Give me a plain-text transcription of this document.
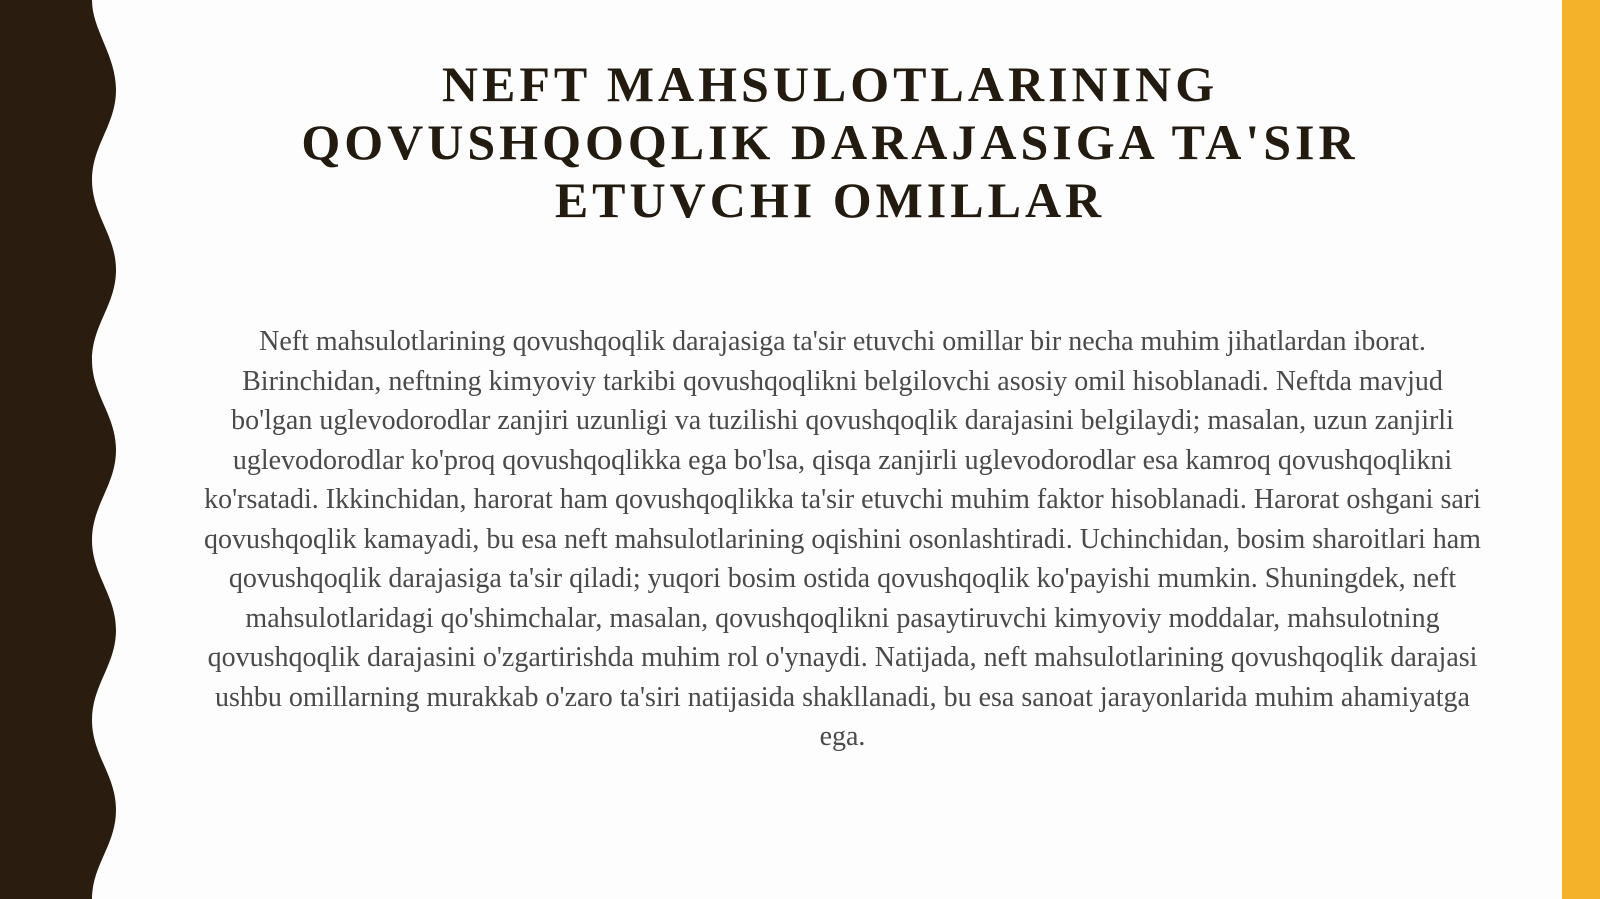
NEFT MAHSULOTLARINING QOVUSHQOQLIK DARAJASIGA TA'SIR ETUVCHI OMILLAR

Neft mahsulotlarining qovushqoqlik darajasiga ta'sir etuvchi omillar bir necha muhim jihatlardan iborat. Birinchidan, neftning kimyoviy tarkibi qovushqoqlikni belgilovchi asosiy omil hisoblanadi. Neftda mavjud bo'lgan uglevodorodlar zanjiri uzunligi va tuzilishi qovushqoqlik darajasini belgilaydi; masalan, uzun zanjirli uglevodorodlar ko'proq qovushqoqlikka ega bo'lsa, qisqa zanjirli uglevodorodlar esa kamroq qovushqoqlikni ko'rsatadi. Ikkinchidan, harorat ham qovushqoqlikka ta'sir etuvchi muhim faktor hisoblanadi. Harorat oshgani sari qovushqoqlik kamayadi, bu esa neft mahsulotlarining oqishini osonlashtiradi. Uchinchidan, bosim sharoitlari ham qovushqoqlik darajasiga ta'sir qiladi; yuqori bosim ostida qovushqoqlik ko'payishi mumkin. Shuningdek, neft mahsulotlaridagi qo'shimchalar, masalan, qovushqoqlikni pasaytiruvchi kimyoviy moddalar, mahsulotning qovushqoqlik darajasini o'zgartirishda muhim rol o'ynaydi. Natijada, neft mahsulotlarining qovushqoqlik darajasi ushbu omillarning murakkab o'zaro ta'siri natijasida shakllanadi, bu esa sanoat jarayonlarida muhim ahamiyatga ega.
